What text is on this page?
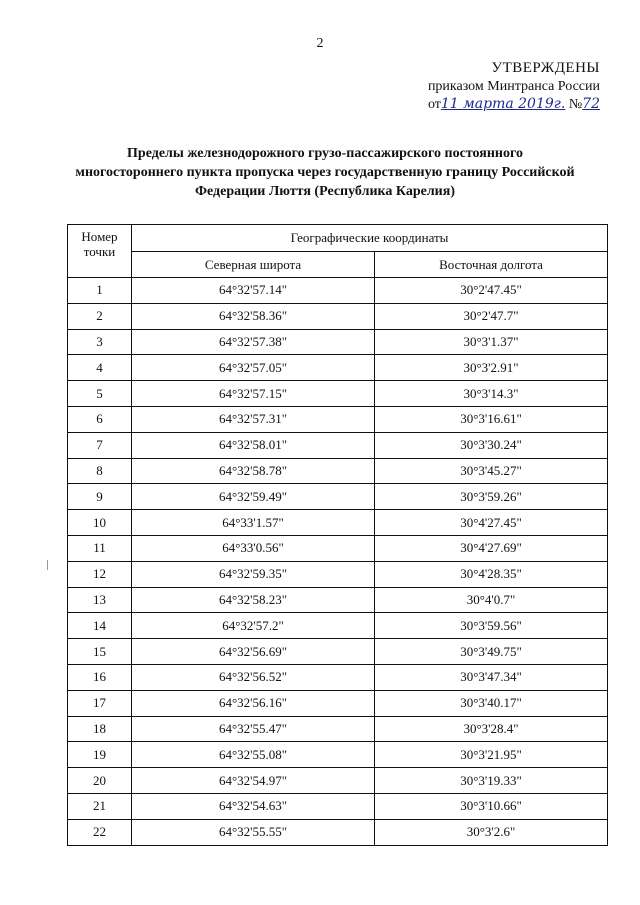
2
УТВЕРЖДЕНЫ
приказом Минтранса России
от11 марта 2019г. №72
Пределы железнодорожного грузо-пассажирского постоянного
многостороннего пункта пропуска через государственную границу Российской
Федерации Люття (Республика Карелия)
Номер точки	Географические координаты	
	Северная широта	Восточная долгота
1	64°32'57.14"	30°2'47.45"
2	64°32'58.36"	30°2'47.7"
3	64°32'57.38"	30°3'1.37"
4	64°32'57.05"	30°3'2.91"
5	64°32'57.15"	30°3'14.3"
6	64°32'57.31"	30°3'16.61"
7	64°32'58.01"	30°3'30.24"
8	64°32'58.78"	30°3'45.27"
9	64°32'59.49"	30°3'59.26"
10	64°33'1.57"	30°4'27.45"
11	64°33'0.56"	30°4'27.69"
12	64°32'59.35"	30°4'28.35"
13	64°32'58.23"	30°4'0.7"
14	64°32'57.2"	30°3'59.56"
15	64°32'56.69"	30°3'49.75"
16	64°32'56.52"	30°3'47.34"
17	64°32'56.16"	30°3'40.17"
18	64°32'55.47"	30°3'28.4"
19	64°32'55.08"	30°3'21.95"
20	64°32'54.97"	30°3'19.33"
21	64°32'54.63"	30°3'10.66"
22	64°32'55.55"	30°3'2.6"
